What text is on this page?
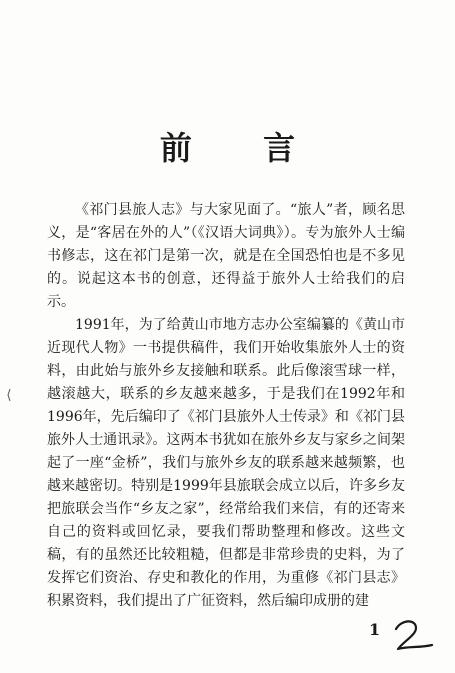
前 言

《祁门县旅人志》与大家见面了。“旅人”者，顾名思义，是“客居在外的人”（《汉语大词典》）。专为旅外人士编书修志，这在祁门是第一次，就是在全国恐怕也是不多见的。说起这本书的创意，还得益于旅外人士给我们的启示。

1991年，为了给黄山市地方志办公室编纂的《黄山市近现代人物》一书提供稿件，我们开始收集旅外人士的资料，由此始与旅外乡友接触和联系。此后像滚雪球一样，越滚越大，联系的乡友越来越多，于是我们在1992年和1996年，先后编印了《祁门县旅外人士传录》和《祁门县旅外人士通讯录》。这两本书犹如在旅外乡友与家乡之间架起了一座“金桥”，我们与旅外乡友的联系越来越频繁，也越来越密切。特别是1999年县旅联会成立以后，许多乡友把旅联会当作“乡友之家”，经常给我们来信，有的还寄来自己的资料或回忆录，要我们帮助整理和修改。这些文稿，有的虽然还比较粗糙，但都是非常珍贵的史料，为了发挥它们资治、存史和教化的作用，为重修《祁门县志》积累资料，我们提出了广征资料，然后编印成册的建

1
